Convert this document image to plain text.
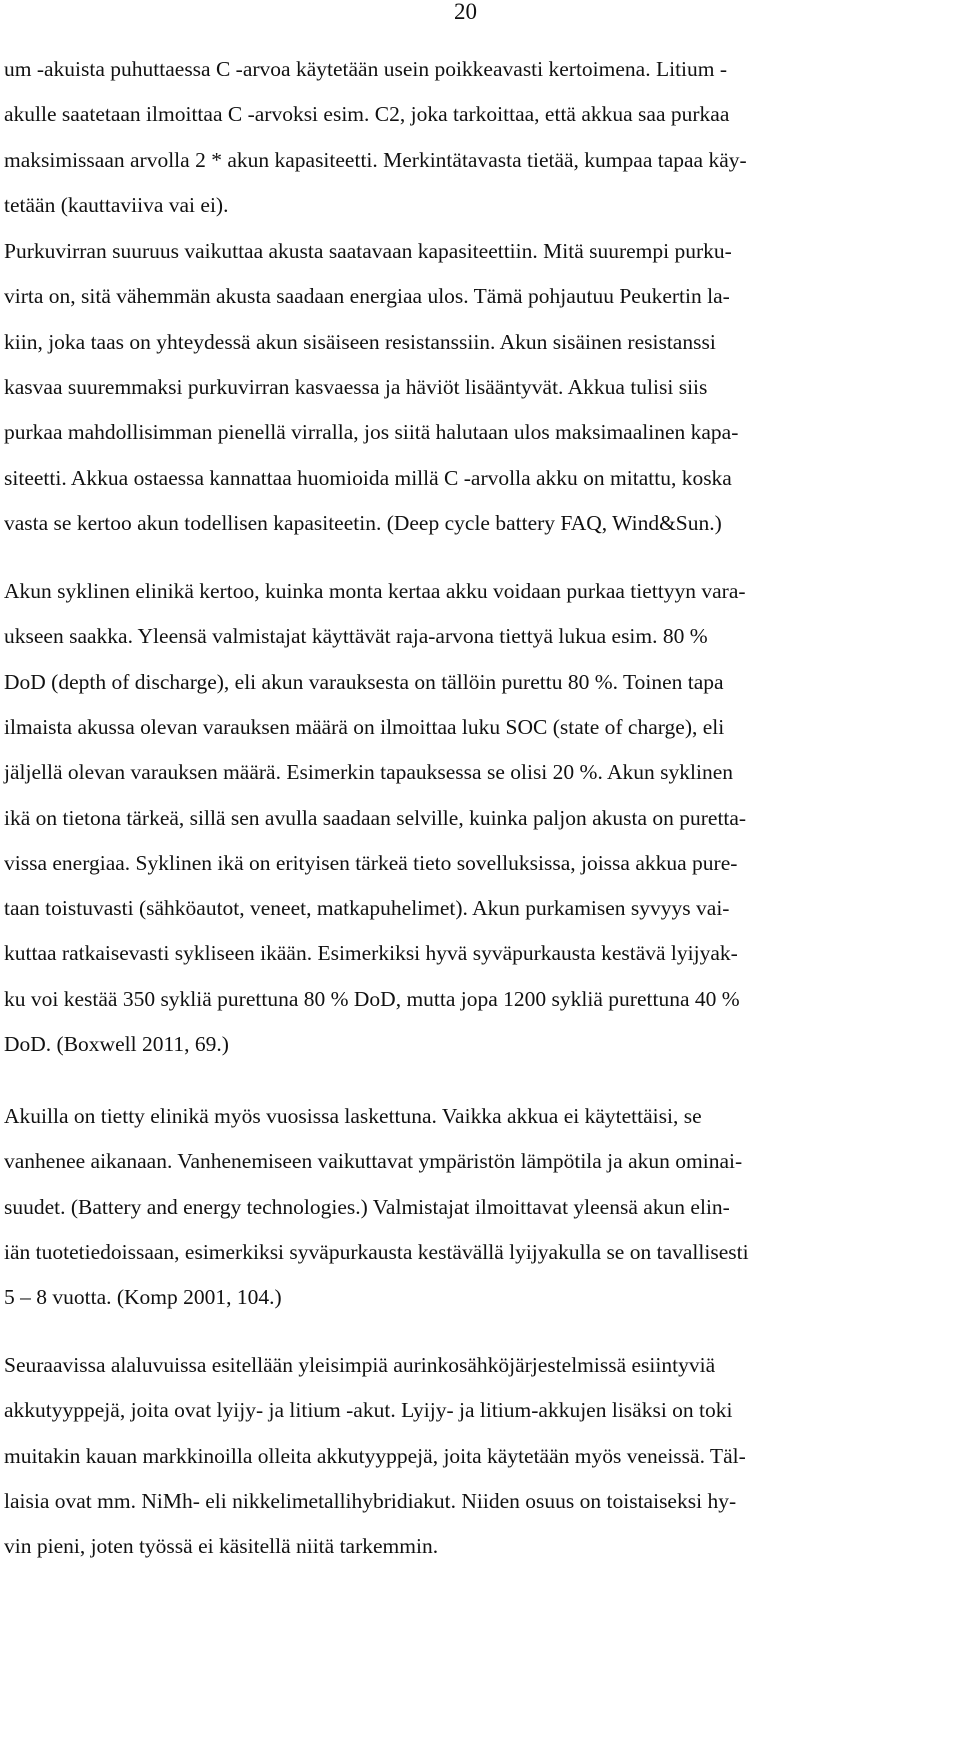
20
um -akuista puhuttaessa C -arvoa käytetään usein poikkeavasti kertoimena. Litium -
akulle saatetaan ilmoittaa C -arvoksi esim. C2, joka tarkoittaa, että akkua saa purkaa
maksimissaan arvolla 2 * akun kapasiteetti. Merkintätavasta tietää, kumpaa tapaa käy-
tetään (kauttaviiva vai ei).
Purkuvirran suuruus vaikuttaa akusta saatavaan kapasiteettiin. Mitä suurempi purku-
virta on, sitä vähemmän akusta saadaan energiaa ulos. Tämä pohjautuu Peukertin la-
kiin, joka taas on yhteydessä akun sisäiseen resistanssiin. Akun sisäinen resistanssi
kasvaa suuremmaksi purkuvirran kasvaessa ja häviöt lisääntyvät. Akkua tulisi siis
purkaa mahdollisimman pienellä virralla, jos siitä halutaan ulos maksimaalinen kapa-
siteetti. Akkua ostaessa kannattaa huomioida millä C -arvolla akku on mitattu, koska
vasta se kertoo akun todellisen kapasiteetin. (Deep cycle battery FAQ, Wind&Sun.)
Akun syklinen elinikä kertoo, kuinka monta kertaa akku voidaan purkaa tiettyyn vara-
ukseen saakka. Yleensä valmistajat käyttävät raja-arvona tiettyä lukua esim. 80 %
DoD (depth of discharge), eli akun varauksesta on tällöin purettu 80 %. Toinen tapa
ilmaista akussa olevan varauksen määrä on ilmoittaa luku SOC (state of charge), eli
jäljellä olevan varauksen määrä. Esimerkin tapauksessa se olisi 20 %. Akun syklinen
ikä on tietona tärkeä, sillä sen avulla saadaan selville, kuinka paljon akusta on puretta-
vissa energiaa. Syklinen ikä on erityisen tärkeä tieto sovelluksissa, joissa akkua pure-
taan toistuvasti (sähköautot, veneet, matkapuhelimet). Akun purkamisen syvyys vai-
kuttaa ratkaisevasti sykliseen ikään. Esimerkiksi hyvä syväpurkausta kestävä lyijyak-
ku voi kestää 350 sykliä purettuna 80 % DoD, mutta jopa 1200 sykliä purettuna 40 %
DoD. (Boxwell 2011, 69.)
Akuilla on tietty elinikä myös vuosissa laskettuna. Vaikka akkua ei käytettäisi, se
vanhenee aikanaan. Vanhenemiseen vaikuttavat ympäristön lämpötila ja akun ominai-
suudet. (Battery and energy technologies.) Valmistajat ilmoittavat yleensä akun elin-
iän tuotetiedoissaan, esimerkiksi syväpurkausta kestävällä lyijyakulla se on tavallisesti
5 – 8 vuotta. (Komp 2001, 104.)
Seuraavissa alaluvuissa esitellään yleisimpiä aurinkosähköjärjestelmissä esiintyviä
akkutyyppejä, joita ovat lyijy- ja litium -akut. Lyijy- ja litium-akkujen lisäksi on toki
muitakin kauan markkinoilla olleita akkutyyppejä, joita käytetään myös veneissä. Täl-
laisia ovat mm. NiMh- eli nikkelimetallihybridiakut. Niiden osuus on toistaiseksi hy-
vin pieni, joten työssä ei käsitellä niitä tarkemmin.
